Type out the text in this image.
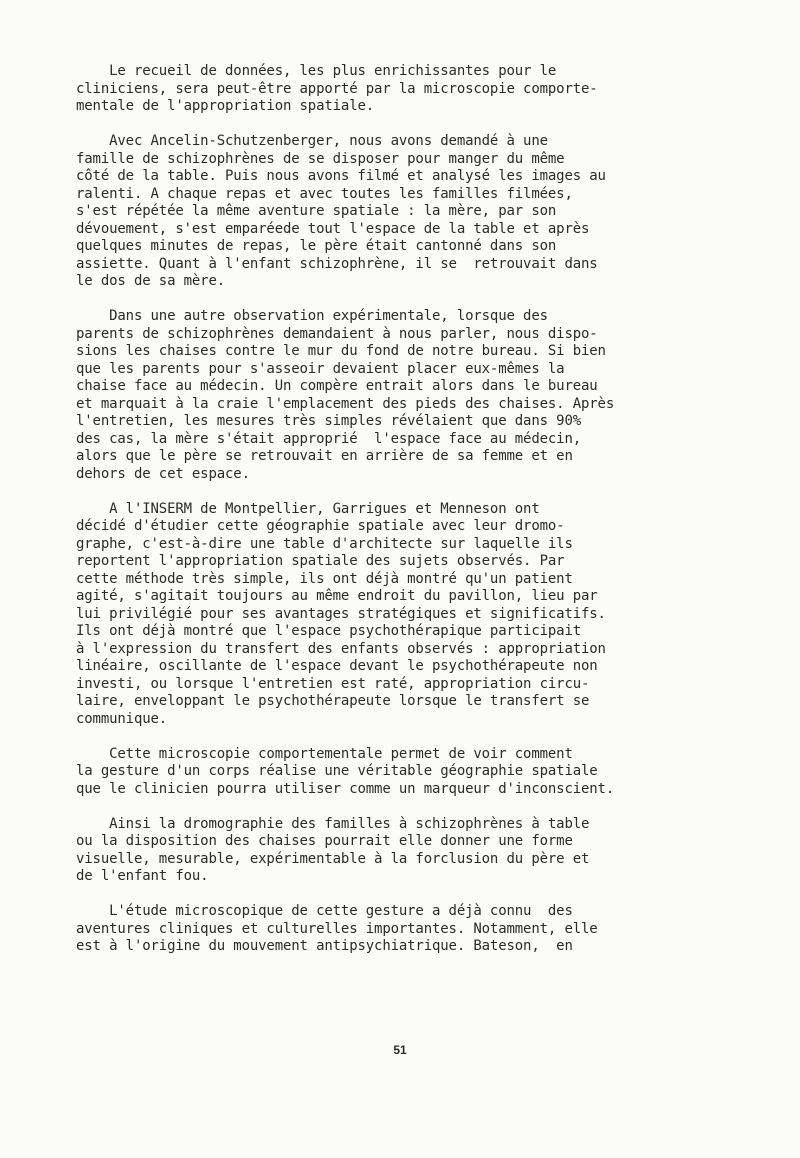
Le recueil de données, les plus enrichissantes pour le
cliniciens, sera peut-être apporté par la microscopie comporte-
mentale de l'appropriation spatiale.
Avec Ancelin-Schutzenberger, nous avons demandé à une
famille de schizophrènes de se disposer pour manger du même
côté de la table. Puis nous avons filmé et analysé les images au
ralenti. A chaque repas et avec toutes les familles filmées,
s'est répétée la même aventure spatiale : la mère, par son
dévouement, s'est emparéede tout l'espace de la table et après
quelques minutes de repas, le père était cantonné dans son
assiette. Quant à l'enfant schizophrène, il se  retrouvait dans
le dos de sa mère.
Dans une autre observation expérimentale, lorsque des
parents de schizophrènes demandaient à nous parler, nous dispo-
sions les chaises contre le mur du fond de notre bureau. Si bien
que les parents pour s'asseoir devaient placer eux-mêmes la
chaise face au médecin. Un compère entrait alors dans le bureau
et marquait à la craie l'emplacement des pieds des chaises. Après
l'entretien, les mesures très simples révélaient que dans 90%
des cas, la mère s'était approprié  l'espace face au médecin,
alors que le père se retrouvait en arrière de sa femme et en
dehors de cet espace.
A l'INSERM de Montpellier, Garrigues et Menneson ont
décidé d'étudier cette géographie spatiale avec leur dromo-
graphe, c'est-à-dire une table d'architecte sur laquelle ils
reportent l'appropriation spatiale des sujets observés. Par
cette méthode très simple, ils ont déjà montré qu'un patient
agité, s'agitait toujours au même endroit du pavillon, lieu par
lui privilégié pour ses avantages stratégiques et significatifs.
Ils ont déjà montré que l'espace psychothérapique participait
à l'expression du transfert des enfants observés : appropriation
linéaire, oscillante de l'espace devant le psychothérapeute non
investi, ou lorsque l'entretien est raté, appropriation circu-
laire, enveloppant le psychothérapeute lorsque le transfert se
communique.
Cette microscopie comportementale permet de voir comment
la gesture d'un corps réalise une véritable géographie spatiale
que le clinicien pourra utiliser comme un marqueur d'inconscient.
Ainsi la dromographie des familles à schizophrènes à table
ou la disposition des chaises pourrait elle donner une forme
visuelle, mesurable, expérimentable à la forclusion du père et
de l'enfant fou.
L'étude microscopique de cette gesture a déjà connu  des
aventures cliniques et culturelles importantes. Notamment, elle
est à l'origine du mouvement antipsychiatrique. Bateson,  en
51
